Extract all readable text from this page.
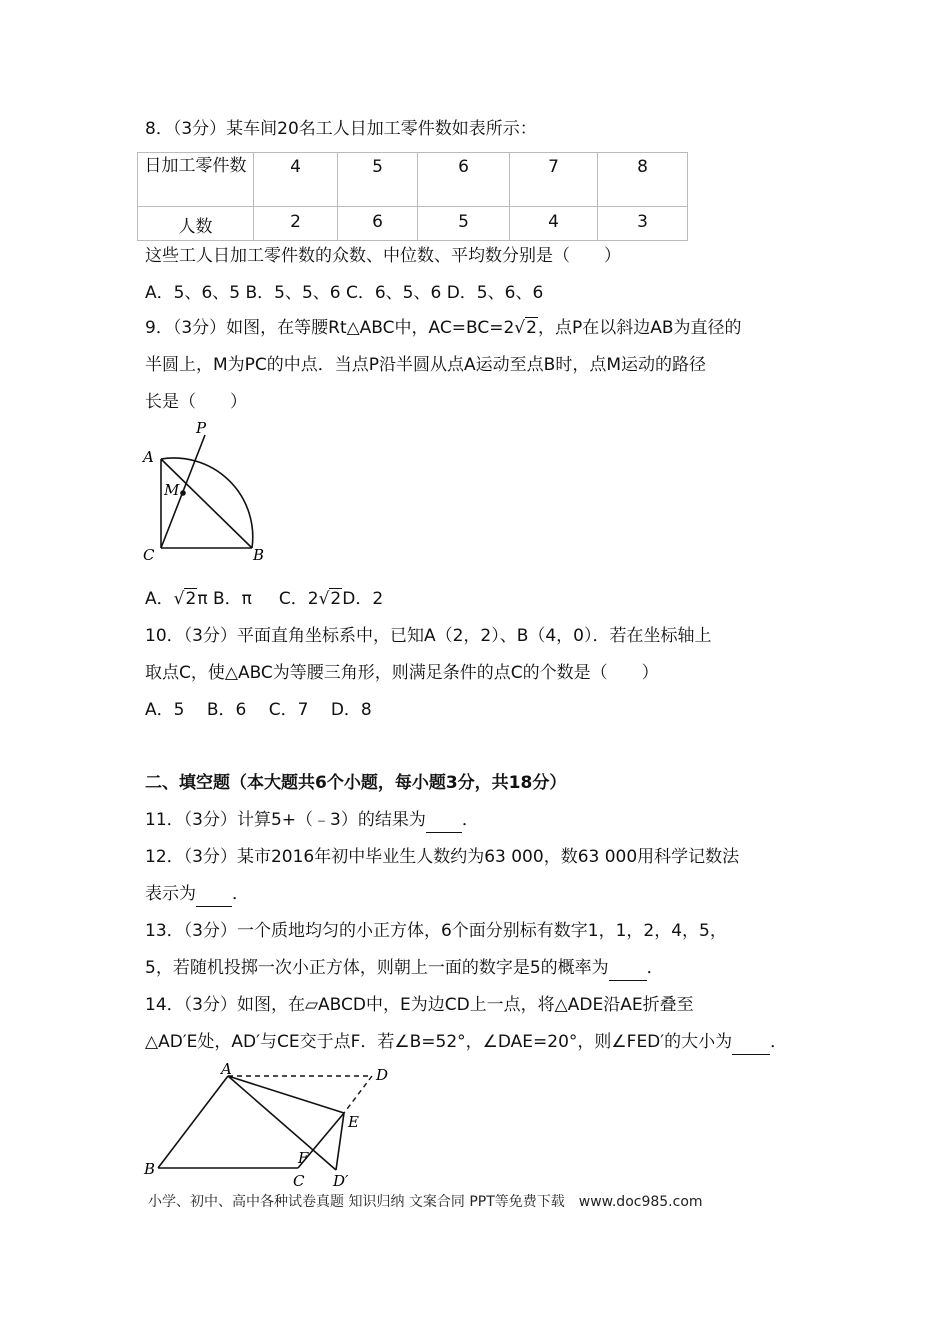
8．（3分）某车间20名工人日加工零件数如表所示：
日加工零件数	4	5	6	7	8
人数	2	6	5	4	3
这些工人日加工零件数的众数、中位数、平均数分别是（　　）
A．5、6、5 B．5、5、6 C．6、5、6 D．5、6、6
9．（3分）如图，在等腰Rt△ABC中，AC=BC=2√2，点P在以斜边AB为直径的
半圆上，M为PC的中点．当点P沿半圆从点A运动至点B时，点M运动的路径
长是（　　）
A
P
M
C	B
A．√2π B．π C．2√2D．2
10．（3分）平面直角坐标系中，已知A（2，2）、B（4，0）．若在坐标轴上
取点C，使△ABC为等腰三角形，则满足条件的点C的个数是（　　）
A．5　 B．6　 C．7　 D．8
二、填空题（本大题共6个小题，每小题3分，共18分）
11．（3分）计算5+（﹣3）的结果为 ．
12．（3分）某市2016年初中毕业生人数约为63 000，数63 000用科学记数法
表示为 ．
13．（3分）一个质地均匀的小正方体，6个面分别标有数字1，1，2，4，5，
5，若随机投掷一次小正方体，则朝上一面的数字是5的概率为 ．
14．（3分）如图，在▱ABCD中，E为边CD上一点，将△ADE沿AE折叠至
△AD′E处，AD′与CE交于点F．若∠B=52°，∠DAE=20°，则∠FED′的大小为 ．
A	D
E
B
F
C D′
小学、初中、高中各种试卷真题 知识归纳 文案合同 PPT等免费下载　www.doc985.com
